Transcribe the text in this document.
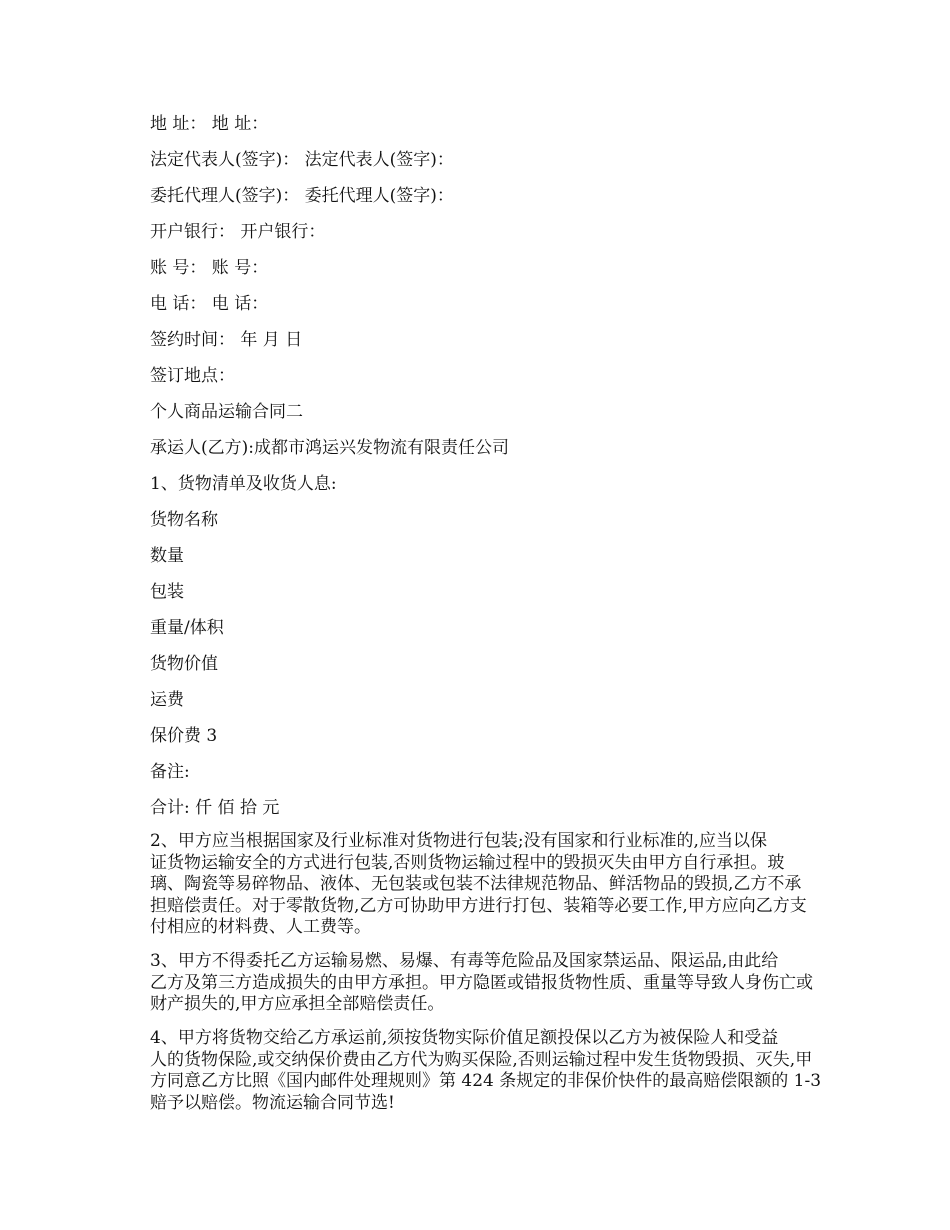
地 址： 地 址：
法定代表人(签字)： 法定代表人(签字)：
委托代理人(签字)： 委托代理人(签字)：
开户银行： 开户银行：
账 号： 账 号：
电 话： 电 话：
签约时间： 年 月 日
签订地点：
个人商品运输合同二
承运人(乙方):成都市鸿运兴发物流有限责任公司
1、货物清单及收货人息:
货物名称
数量
包装
重量/体积
货物价值
运费
保价费 3
备注:
合计: 仟 佰 拾 元
2、甲方应当根据国家及行业标准对货物进行包装;没有国家和行业标准的,应当以保
证货物运输安全的方式进行包装,否则货物运输过程中的毁损灭失由甲方自行承担。玻
璃、陶瓷等易碎物品、液体、无包装或包装不法律规范物品、鲜活物品的毁损,乙方不承
担赔偿责任。对于零散货物,乙方可协助甲方进行打包、装箱等必要工作,甲方应向乙方支
付相应的材料费、人工费等。
3、甲方不得委托乙方运输易燃、易爆、有毒等危险品及国家禁运品、限运品,由此给
乙方及第三方造成损失的由甲方承担。甲方隐匿或错报货物性质、重量等导致人身伤亡或
财产损失的,甲方应承担全部赔偿责任。
4、甲方将货物交给乙方承运前,须按货物实际价值足额投保以乙方为被保险人和受益
人的货物保险,或交纳保价费由乙方代为购买保险,否则运输过程中发生货物毁损、灭失,甲
方同意乙方比照《国内邮件处理规则》第 424 条规定的非保价快件的最高赔偿限额的 1-3
赔予以赔偿。物流运输合同节选!
